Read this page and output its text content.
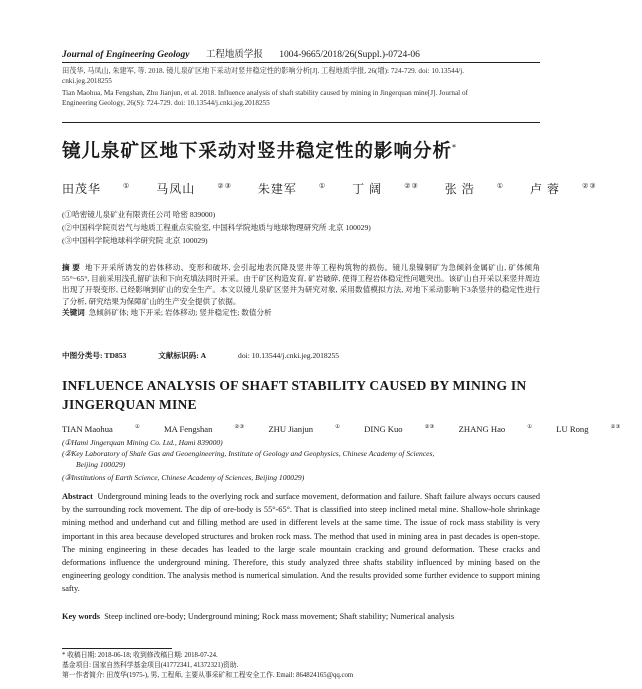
Journal of Engineering Geology 工程地质学报 1004-9665/2018/26(Suppl.)-0724-06
田茂华, 马凤山, 朱建军, 等. 2018. 镜儿泉矿区地下采动对竖井稳定性的影响分析[J]. 工程地质学报, 26(增): 724-729. doi: 10.13544/j.
cnki.jeg.2018255
Tian Maohua, Ma Fengshan, Zhu Jianjun, et al. 2018. Influence analysis of shaft stability caused by mining in Jingerquan mine[J]. Journal of
Engineering Geology, 26(S): 724-729. doi: 10.13544/j.cnki.jeg.2018255
镜儿泉矿区地下采动对竖井稳定性的影响分析*
田茂华	① 马凤山	②③ 朱建军	① 丁 阔	②③ 张 浩	① 卢 蓉	②③
(①哈密镜儿泉矿业有限责任公司 哈密 839000)
(②中国科学院页岩气与地质工程重点实验室, 中国科学院地质与地球物理研究所 北京 100029)
(③中国科学院地球科学研究院 北京 100029)
摘 要 地下开采所诱发的岩体移动、变形和破坏, 会引起地表沉降及竖井等工程构筑物的损伤。镜儿泉镍铜矿为急倾斜金属矿山, 矿体倾角55°~65°, 目前采用浅孔留矿法和下向充填法同时开采。由于矿区构造发育, 矿岩破碎, 使得工程岩体稳定性问题突出。该矿山自开采以来竖井周边出现了开裂变形, 已经影响到矿山的安全生产。本文以镜儿泉矿区竖井为研究对象, 采用数值模拟方法, 对地下采动影响下3条竖井的稳定性进行了分析, 研究结果为保障矿山的生产安全提供了依据。
关键词 急倾斜矿体; 地下开采; 岩体移动; 竖井稳定性; 数值分析
中图分类号: TD853	文献标识码: A	doi: 10.13544/j.cnki.jeg.2018255
INFLUENCE ANALYSIS OF SHAFT STABILITY CAUSED BY MINING IN JINGERQUAN MINE
TIAN Maohua	①	MA Fengshan	②③	ZHU Jianjun	①	DING Kuo	②③	ZHANG Hao	①	LU Rong	②③
(①Hami Jingerquan Mining Co. Ltd., Hami 839000)
(②Key Laboratory of Shale Gas and Geoengineering, Institute of Geology and Geophysics, Chinese Academy of Sciences,
Beijing 100029)
(③Institutions of Earth Science, Chinese Academy of Sciences, Beijing 100029)
Abstract Underground mining leads to the overlying rock and surface movement, deformation and failure. Shaft failure always occurs caused by the surrounding rock movement. The dip of ore-body is 55°-65°. That is classified into steep inclined metal mine. Shallow-hole shrinkage mining method and underhand cut and filling method are used in different levels at the same time. The issue of rock mass stability is very important in this area because developed structures and broken rock mass. The method that used in mining area in past decades is open-stope. The mining engineering in these decades has leaded to the large scale mountain cracking and ground deformation. These cracks and deformations influence the underground mining. Therefore, this study analyzed three shafts stability influenced by mining based on the engineering geology condition. The analysis method is numerical simulation. And the results provided some further evidence to support mining safty.
Key words Steep inclined ore-body; Underground mining; Rock mass movement; Shaft stability; Numerical analysis
* 收稿日期: 2018-06-18; 收到修改稿日期: 2018-07-24.
基金项目: 国家自然科学基金项目(41772341, 41372321)资助.
第一作者简介: 田茂华(1975-), 男, 工程师, 主要从事采矿和工程安全工作. Email: 864824165@qq.com
